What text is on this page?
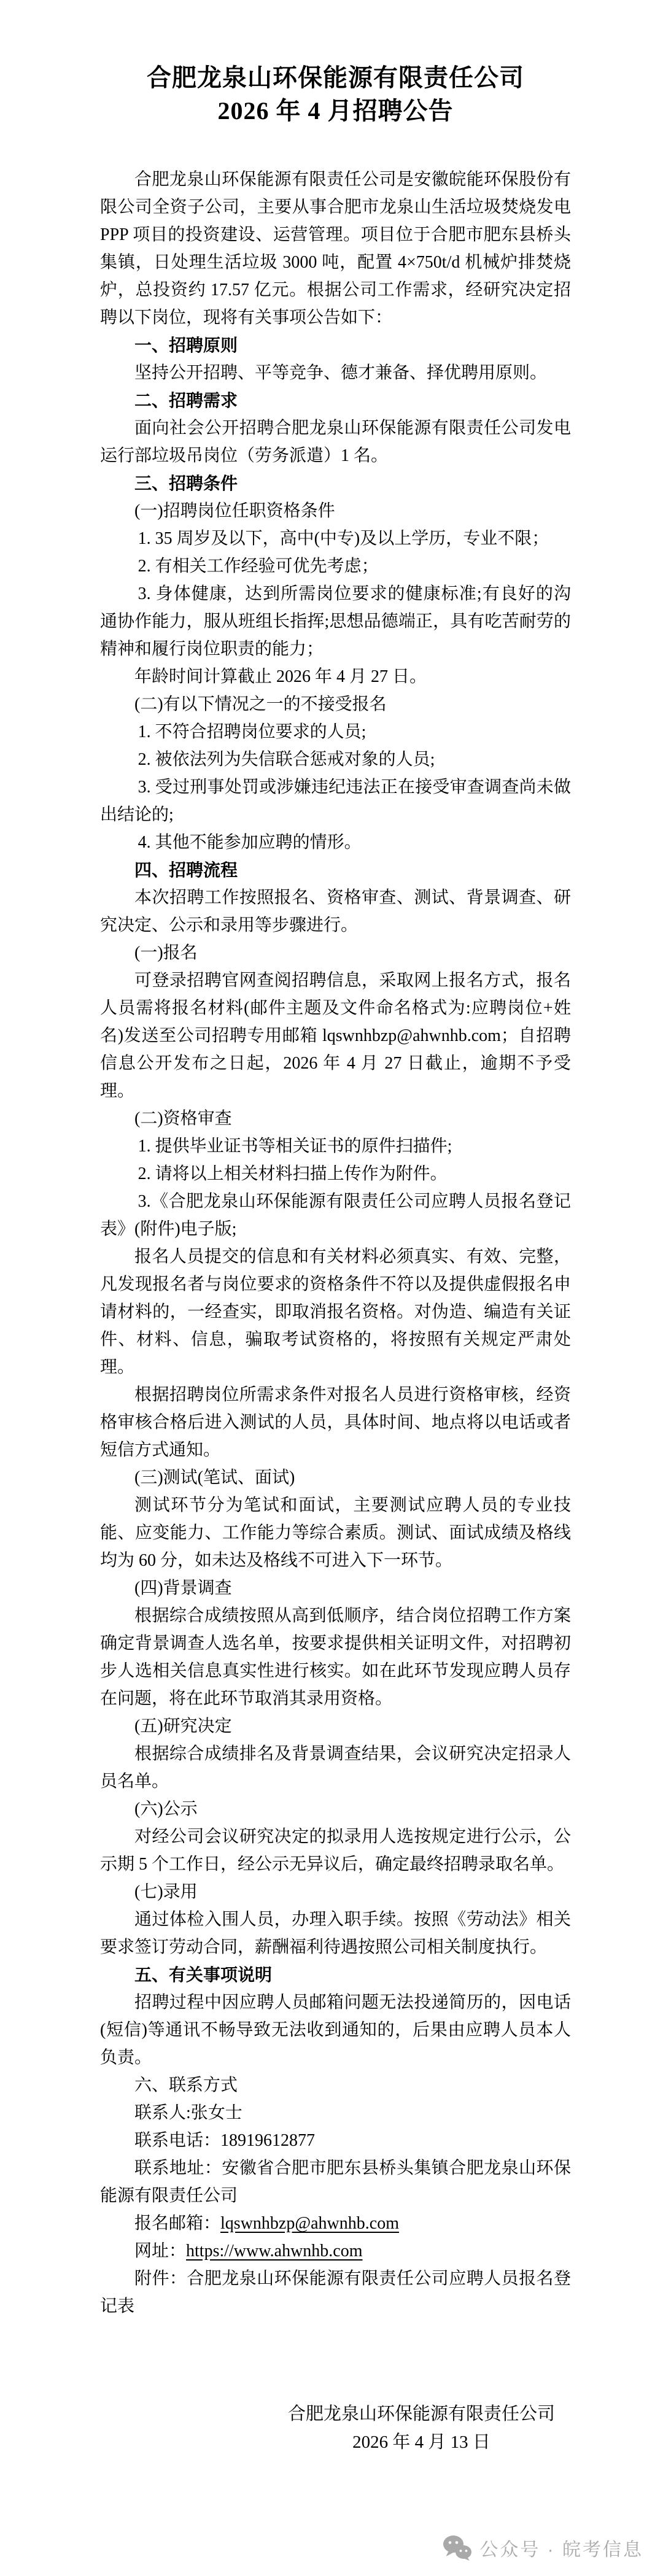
合肥龙泉山环保能源有限责任公司
2026 年 4 月招聘公告

合肥龙泉山环保能源有限责任公司是安徽皖能环保股份有限公司全资子公司，主要从事合肥市龙泉山生活垃圾焚烧发电 PPP 项目的投资建设、运营管理。项目位于合肥市肥东县桥头集镇，日处理生活垃圾 3000 吨，配置 4×750t/d 机械炉排焚烧炉，总投资约 17.57 亿元。根据公司工作需求，经研究决定招聘以下岗位，现将有关事项公告如下：

一、招聘原则

坚持公开招聘、平等竞争、德才兼备、择优聘用原则。

二、招聘需求

面向社会公开招聘合肥龙泉山环保能源有限责任公司发电运行部垃圾吊岗位（劳务派遣）1 名。

三、招聘条件

(一)招聘岗位任职资格条件

1. 35 周岁及以下，高中(中专)及以上学历，专业不限；

2. 有相关工作经验可优先考虑；

3. 身体健康，达到所需岗位要求的健康标准;有良好的沟通协作能力，服从班组长指挥;思想品德端正，具有吃苦耐劳的精神和履行岗位职责的能力；

年龄时间计算截止 2026 年 4 月 27 日。

(二)有以下情况之一的不接受报名

1. 不符合招聘岗位要求的人员;

2. 被依法列为失信联合惩戒对象的人员;

3. 受过刑事处罚或涉嫌违纪违法正在接受审查调查尚未做出结论的;

4. 其他不能参加应聘的情形。

四、招聘流程

本次招聘工作按照报名、资格审查、测试、背景调查、研究决定、公示和录用等步骤进行。

(一)报名

可登录招聘官网查阅招聘信息，采取网上报名方式，报名人员需将报名材料(邮件主题及文件命名格式为:应聘岗位+姓名)发送至公司招聘专用邮箱 lqswnhbzp@ahwnhb.com；自招聘信息公开发布之日起，2026 年 4 月 27 日截止，逾期不予受理。

(二)资格审查

1. 提供毕业证书等相关证书的原件扫描件;

2. 请将以上相关材料扫描上传作为附件。

3.《合肥龙泉山环保能源有限责任公司应聘人员报名登记表》(附件)电子版;

报名人员提交的信息和有关材料必须真实、有效、完整，凡发现报名者与岗位要求的资格条件不符以及提供虚假报名申请材料的，一经查实，即取消报名资格。对伪造、编造有关证件、材料、信息，骗取考试资格的，将按照有关规定严肃处理。

根据招聘岗位所需求条件对报名人员进行资格审核，经资格审核合格后进入测试的人员，具体时间、地点将以电话或者短信方式通知。

(三)测试(笔试、面试)

测试环节分为笔试和面试，主要测试应聘人员的专业技能、应变能力、工作能力等综合素质。测试、面试成绩及格线均为 60 分，如未达及格线不可进入下一环节。

(四)背景调查

根据综合成绩按照从高到低顺序，结合岗位招聘工作方案确定背景调查人选名单，按要求提供相关证明文件，对招聘初步人选相关信息真实性进行核实。如在此环节发现应聘人员存在问题，将在此环节取消其录用资格。

(五)研究决定

根据综合成绩排名及背景调查结果，会议研究决定招录人员名单。

(六)公示

对经公司会议研究决定的拟录用人选按规定进行公示，公示期 5 个工作日，经公示无异议后，确定最终招聘录取名单。

(七)录用

通过体检入围人员，办理入职手续。按照《劳动法》相关要求签订劳动合同，薪酬福利待遇按照公司相关制度执行。

五、有关事项说明

招聘过程中因应聘人员邮箱问题无法投递简历的，因电话(短信)等通讯不畅导致无法收到通知的，后果由应聘人员本人负责。

六、联系方式

联系人:张女士

联系电话：18919612877

联系地址：安徽省合肥市肥东县桥头集镇合肥龙泉山环保能源有限责任公司

报名邮箱：lqswnhbzp@ahwnhb.com

网址：https://www.ahwnhb.com

附件：合肥龙泉山环保能源有限责任公司应聘人员报名登记表

合肥龙泉山环保能源有限责任公司
2026 年 4 月 13 日
公众号 · 皖考信息
